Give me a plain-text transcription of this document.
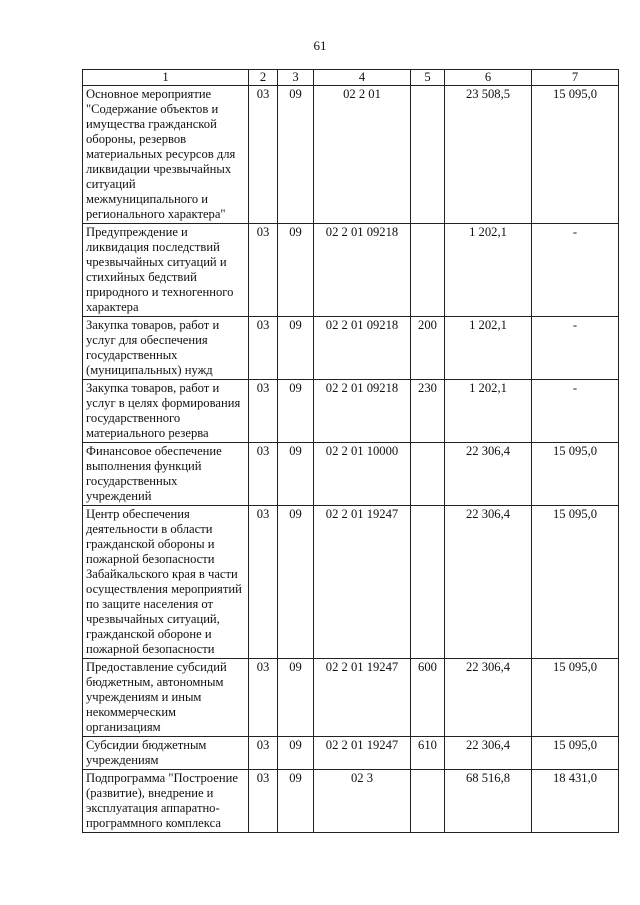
61
1	2	3	4	5	6	7
Основное мероприятие "Содержание объектов и имущества гражданской обороны, резервов материальных ресурсов для ликвидации чрезвычайных ситуаций межмуниципального и регионального характера"	03	09	02 2 01		23 508,5	15 095,0
Предупреждение и ликвидация последствий чрезвычайных ситуаций и стихийных бедствий природного и техногенного характера	03	09	02 2 01 09218		1 202,1	-
Закупка товаров, работ и услуг для обеспечения государственных (муниципальных) нужд	03	09	02 2 01 09218	200	1 202,1	-
Закупка товаров, работ и услуг в целях формирования государственного материального резерва	03	09	02 2 01 09218	230	1 202,1	-
Финансовое обеспечение выполнения функций государственных учреждений	03	09	02 2 01 10000		22 306,4	15 095,0
Центр обеспечения деятельности в области гражданской обороны и пожарной безопасности Забайкальского края в части осуществления мероприятий по защите населения от чрезвычайных ситуаций, гражданской обороне и пожарной безопасности	03	09	02 2 01 19247		22 306,4	15 095,0
Предоставление субсидий бюджетным, автономным учреждениям и иным некоммерческим организациям	03	09	02 2 01 19247	600	22 306,4	15 095,0
Субсидии бюджетным учреждениям	03	09	02 2 01 19247	610	22 306,4	15 095,0
Подпрограмма "Построение (развитие), внедрение и эксплуатация аппаратно-программного комплекса	03	09	02 3		68 516,8	18 431,0
